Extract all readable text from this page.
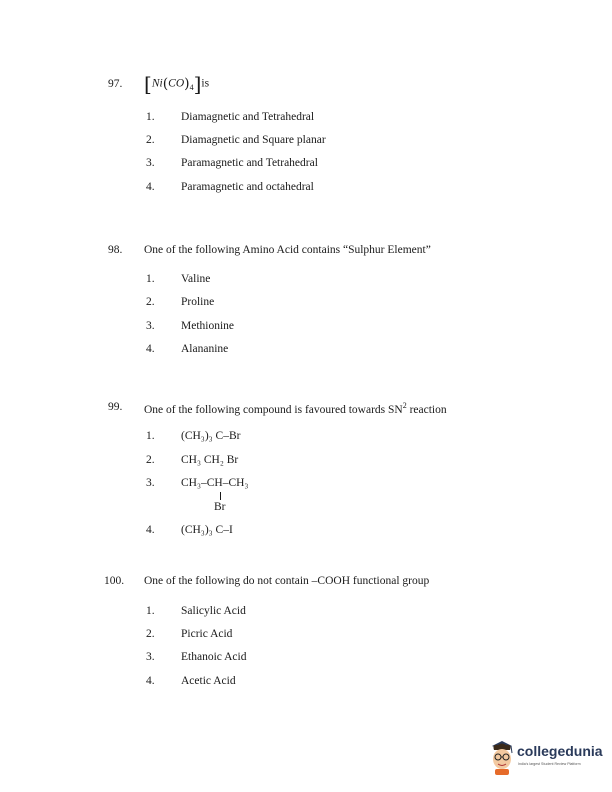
97. $[Ni(CO)_4]is$
1. Diamagnetic and Tetrahedral
2. Diamagnetic and Square planar
3. Paramagnetic and Tetrahedral
4. Paramagnetic and octahedral
98. One of the following Amino Acid contains “Sulphur Element”
1. Valine
2. Proline
3. Methionine
4. Alananine
99. One of the following compound is favoured towards $SN^2$ reaction
1. (CH₃)₃ C–Br
2. CH₃ CH₂ Br
3. CH₃–CH–CH₃
Br
4. (CH₃)₃ C–I
100. One of the following do not contain –COOH functional group
1. Salicylic Acid
2. Picric Acid
3. Ethanoic Acid
4. Acetic Acid
collegedunia
India's largest Student Review Platform
